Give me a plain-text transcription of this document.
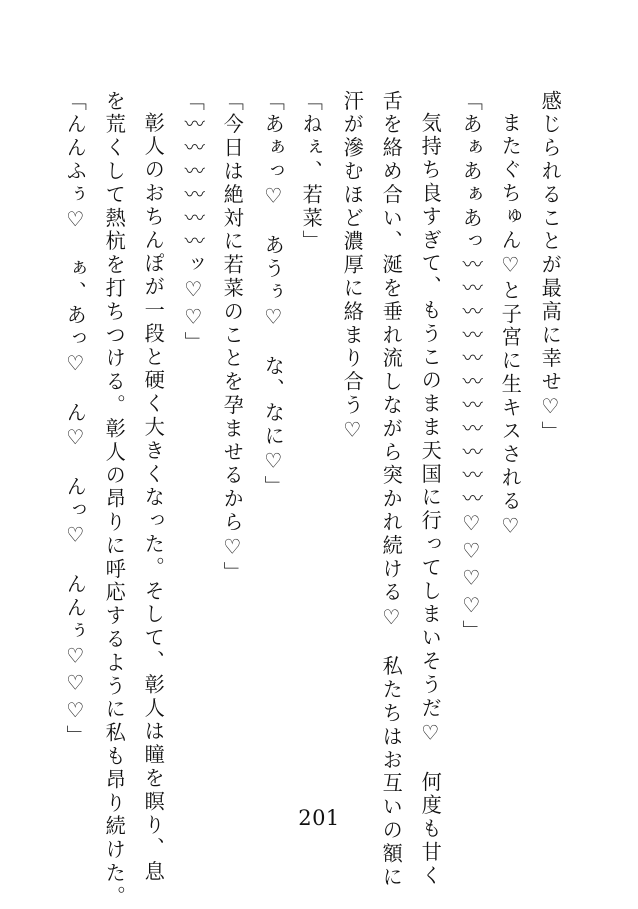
感じられることが最高に幸せ♡」
またぐちゅん♡と子宮に生キスされる♡
「あぁあぁあっ〰〰〰〰〰〰〰〰〰〰〰♡♡♡♡」
気持ち良すぎて、もうこのまま天国に行ってしまいそうだ♡　何度も甘く
舌を絡め合い、涎を垂れ流しながら突かれ続ける♡　私たちはお互いの額に
汗が滲むほど濃厚に絡まり合う♡
「ねぇ、若菜」
「あぁっ♡　あうぅ♡　な、なに♡」
「今日は絶対に若菜のことを孕ませるから♡」
「〰〰〰〰〰〰ッ♡♡」
彰人のおちんぽが一段と硬く大きくなった。そして、彰人は瞳を瞑り、息
を荒くして熱杭を打ちつける。彰人の昂りに呼応するように私も昂り続けた。
「んんふぅ♡　ぁ、あっ♡　ん♡　んっ♡　んんぅ♡♡♡」
201
